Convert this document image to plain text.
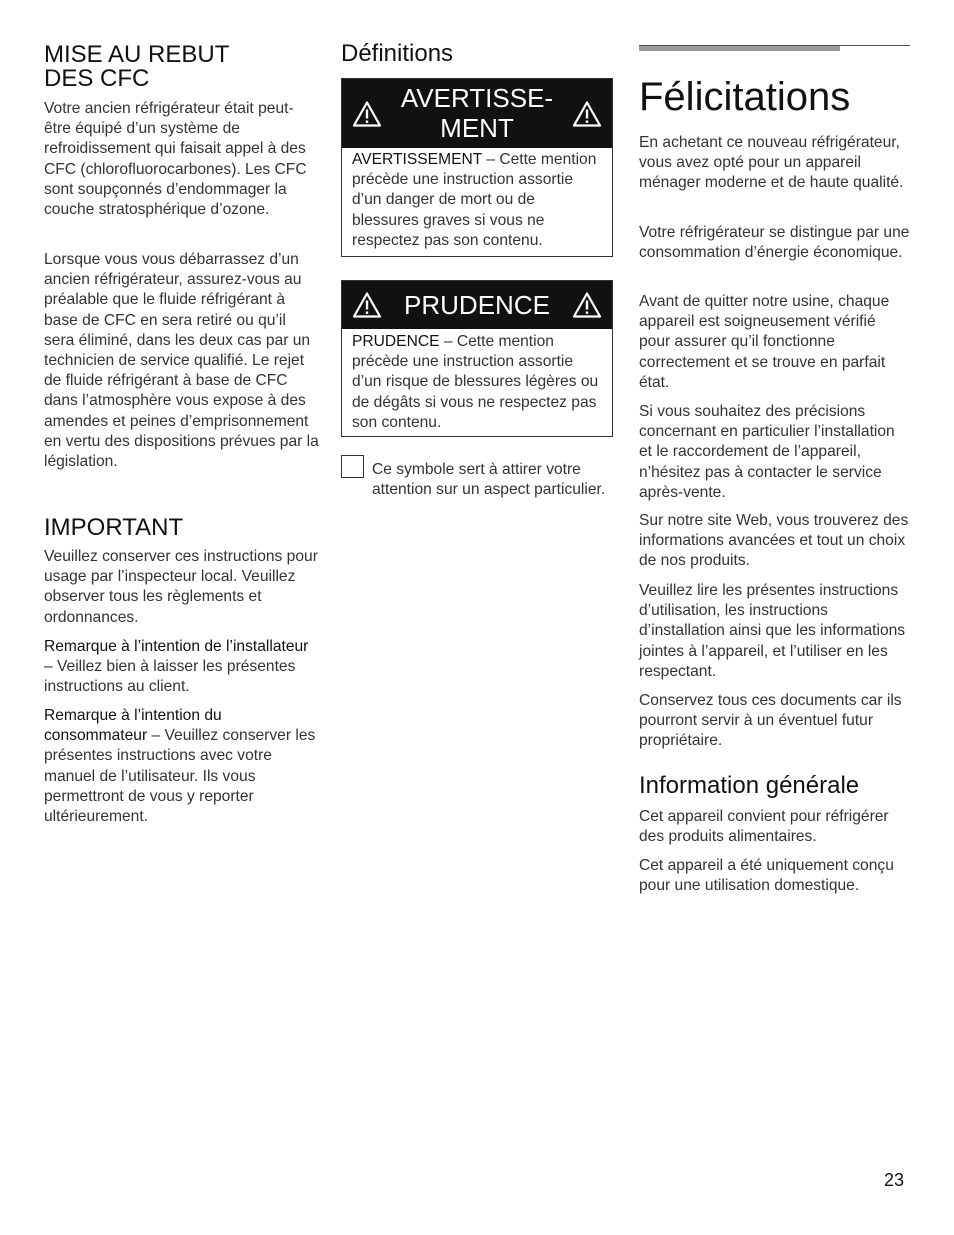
MISE AU REBUT
DES CFC

Votre ancien réfrigérateur était peut-être équipé d’un système de refroidissement qui faisait appel à des CFC (chlorofluorocarbones). Les CFC sont soupçonnés d’endommager la couche stratosphérique d’ozone.

Lorsque vous vous débarrassez d’un ancien réfrigérateur, assurez-vous au préalable que le fluide réfrigérant à base de CFC en sera retiré ou qu’il sera éliminé, dans les deux cas par un technicien de service qualifié. Le rejet de fluide réfrigérant à base de CFC dans l’atmosphère vous expose à des amendes et peines d’emprisonnement en vertu des dispositions prévues par la législation.

IMPORTANT

Veuillez conserver ces instructions pour usage par l’inspecteur local. Veuillez observer tous les règlements et ordonnances.

Remarque à l’intention de l’installateur – Veillez bien à laisser les présentes instructions au client.

Remarque à l’intention du consommateur – Veuillez conserver les présentes instructions avec votre manuel de l’utilisateur. Ils vous permettront de vous y reporter ultérieurement.

Définitions
AVERTISSE-
MENT

AVERTISSEMENT – Cette mention précède une instruction assortie d’un danger de mort ou de blessures graves si vous ne respectez pas son contenu.

PRUDENCE

PRUDENCE – Cette mention précède une instruction assortie d’un risque de blessures légères ou de dégâts si vous ne respectez pas son contenu.

Ce symbole sert à attirer votre attention sur un aspect particulier.

Félicitations

En achetant ce nouveau réfrigérateur, vous avez opté pour un appareil ménager moderne et de haute qualité.

Votre réfrigérateur se distingue par une consommation d’énergie économique.

Avant de quitter notre usine, chaque appareil est soigneusement vérifié pour assurer qu’il fonctionne correctement et se trouve en parfait état.

Si vous souhaitez des précisions concernant en particulier l’installation et le raccordement de l’appareil, n’hésitez pas à contacter le service après-vente.

Sur notre site Web, vous trouverez des informations avancées et tout un choix de nos produits.

Veuillez lire les présentes instructions d’utilisation, les instructions d’installation ainsi que les informations jointes à l’appareil, et l’utiliser en les respectant.

Conservez tous ces documents car ils pourront servir à un éventuel futur propriétaire.

Information générale

Cet appareil convient pour réfrigérer des produits alimentaires.

Cet appareil a été uniquement conçu pour une utilisation domestique.

23
